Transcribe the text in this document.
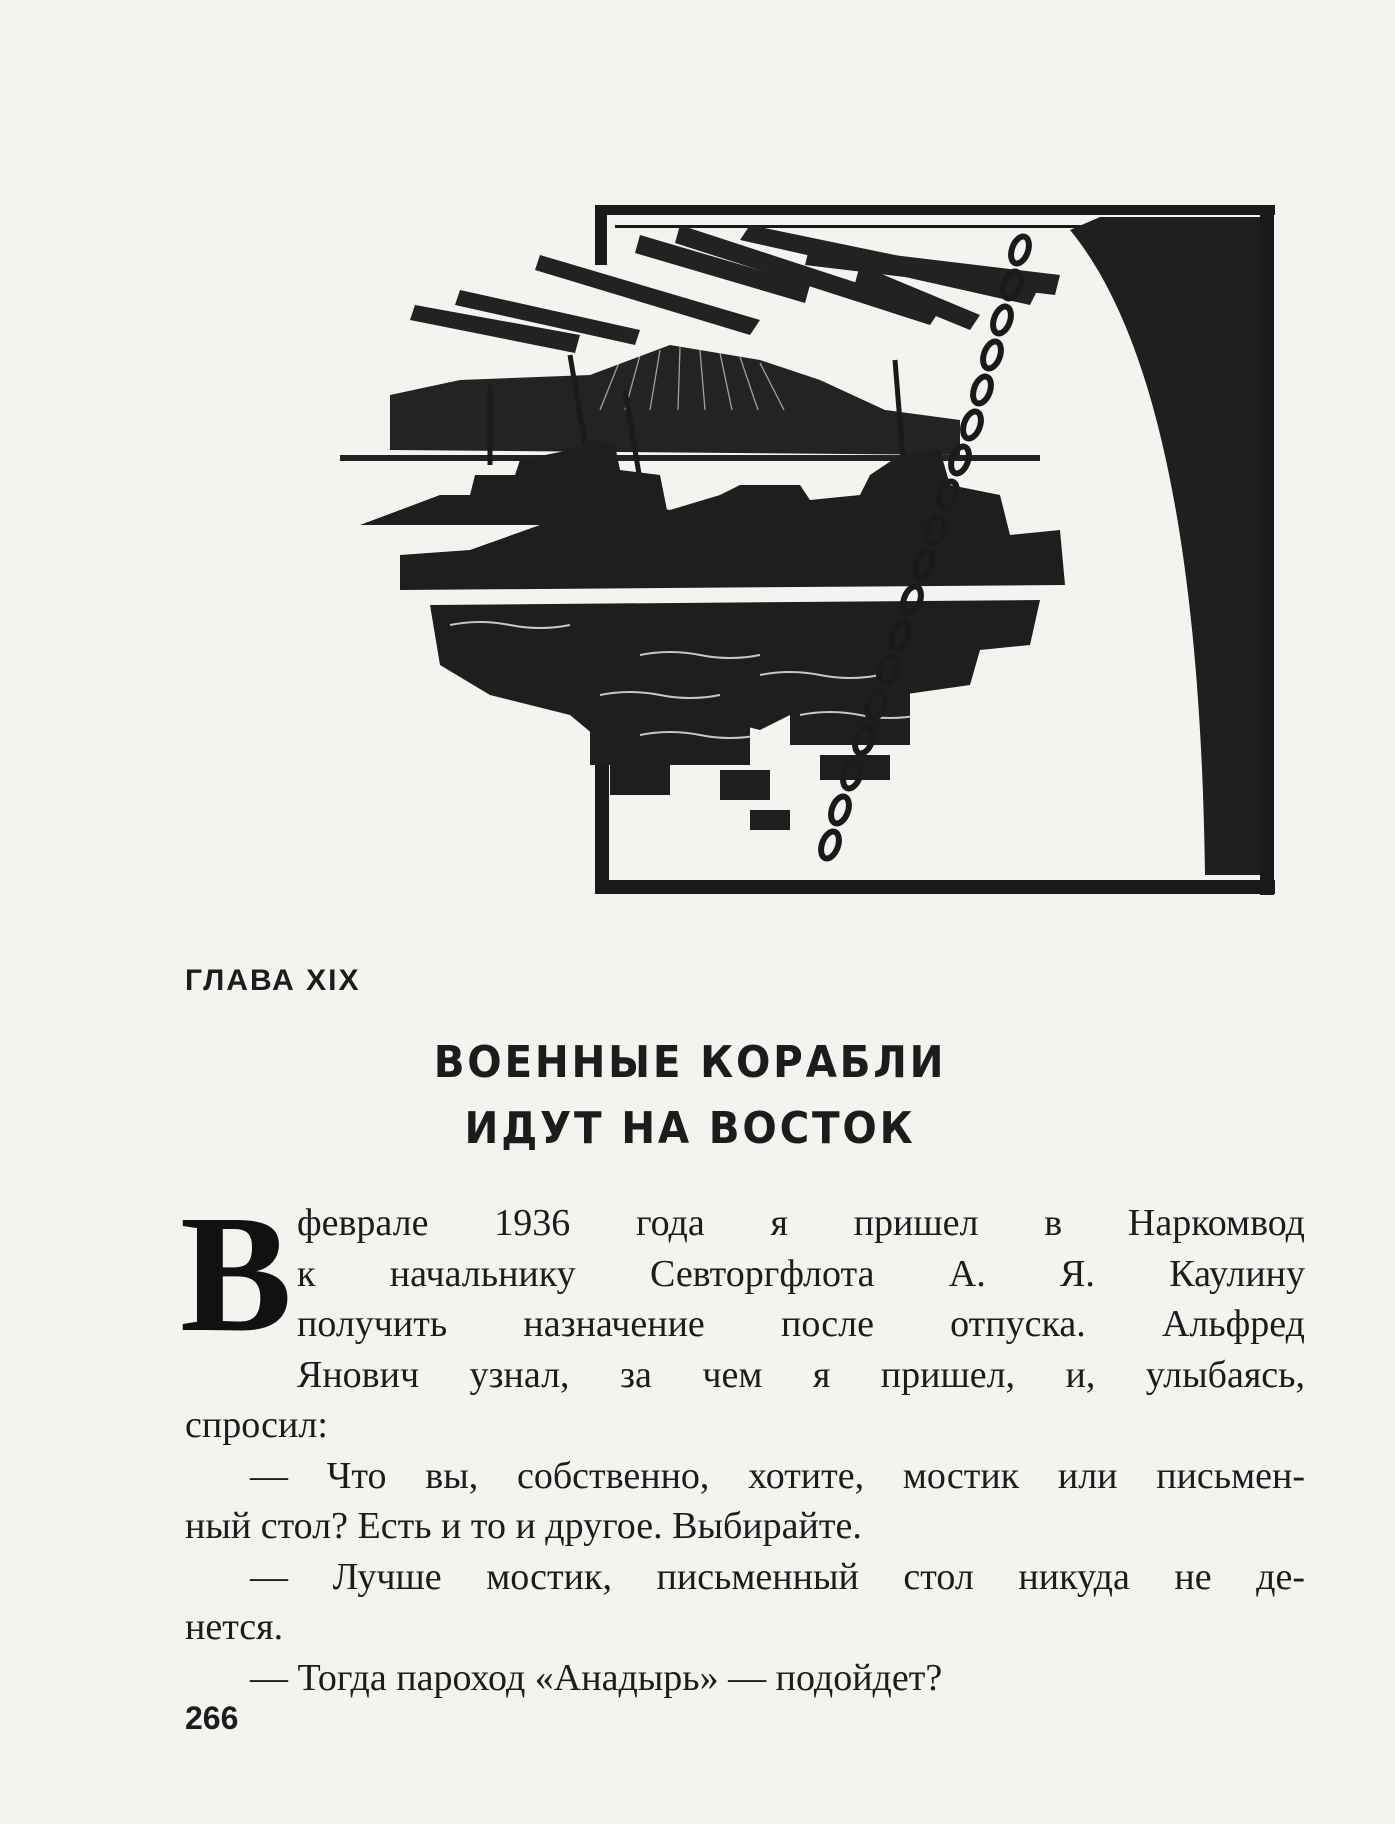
ГЛАВА XIX
ВОЕННЫЕ КОРАБЛИ
ИДУТ НА ВОСТОК
В феврале 1936 года я пришел в Наркомвод
к начальнику Севторгфлота А. Я. Каулину
получить назначение после отпуска. Альфред
Янович узнал, за чем я пришел, и, улыбаясь,
спросил:
— Что вы, собственно, хотите, мостик или письмен-
ный стол? Есть и то и другое. Выбирайте.
— Лучше мостик, письменный стол никуда не де-
нется.
— Тогда пароход «Анадырь» — подойдет?
266
